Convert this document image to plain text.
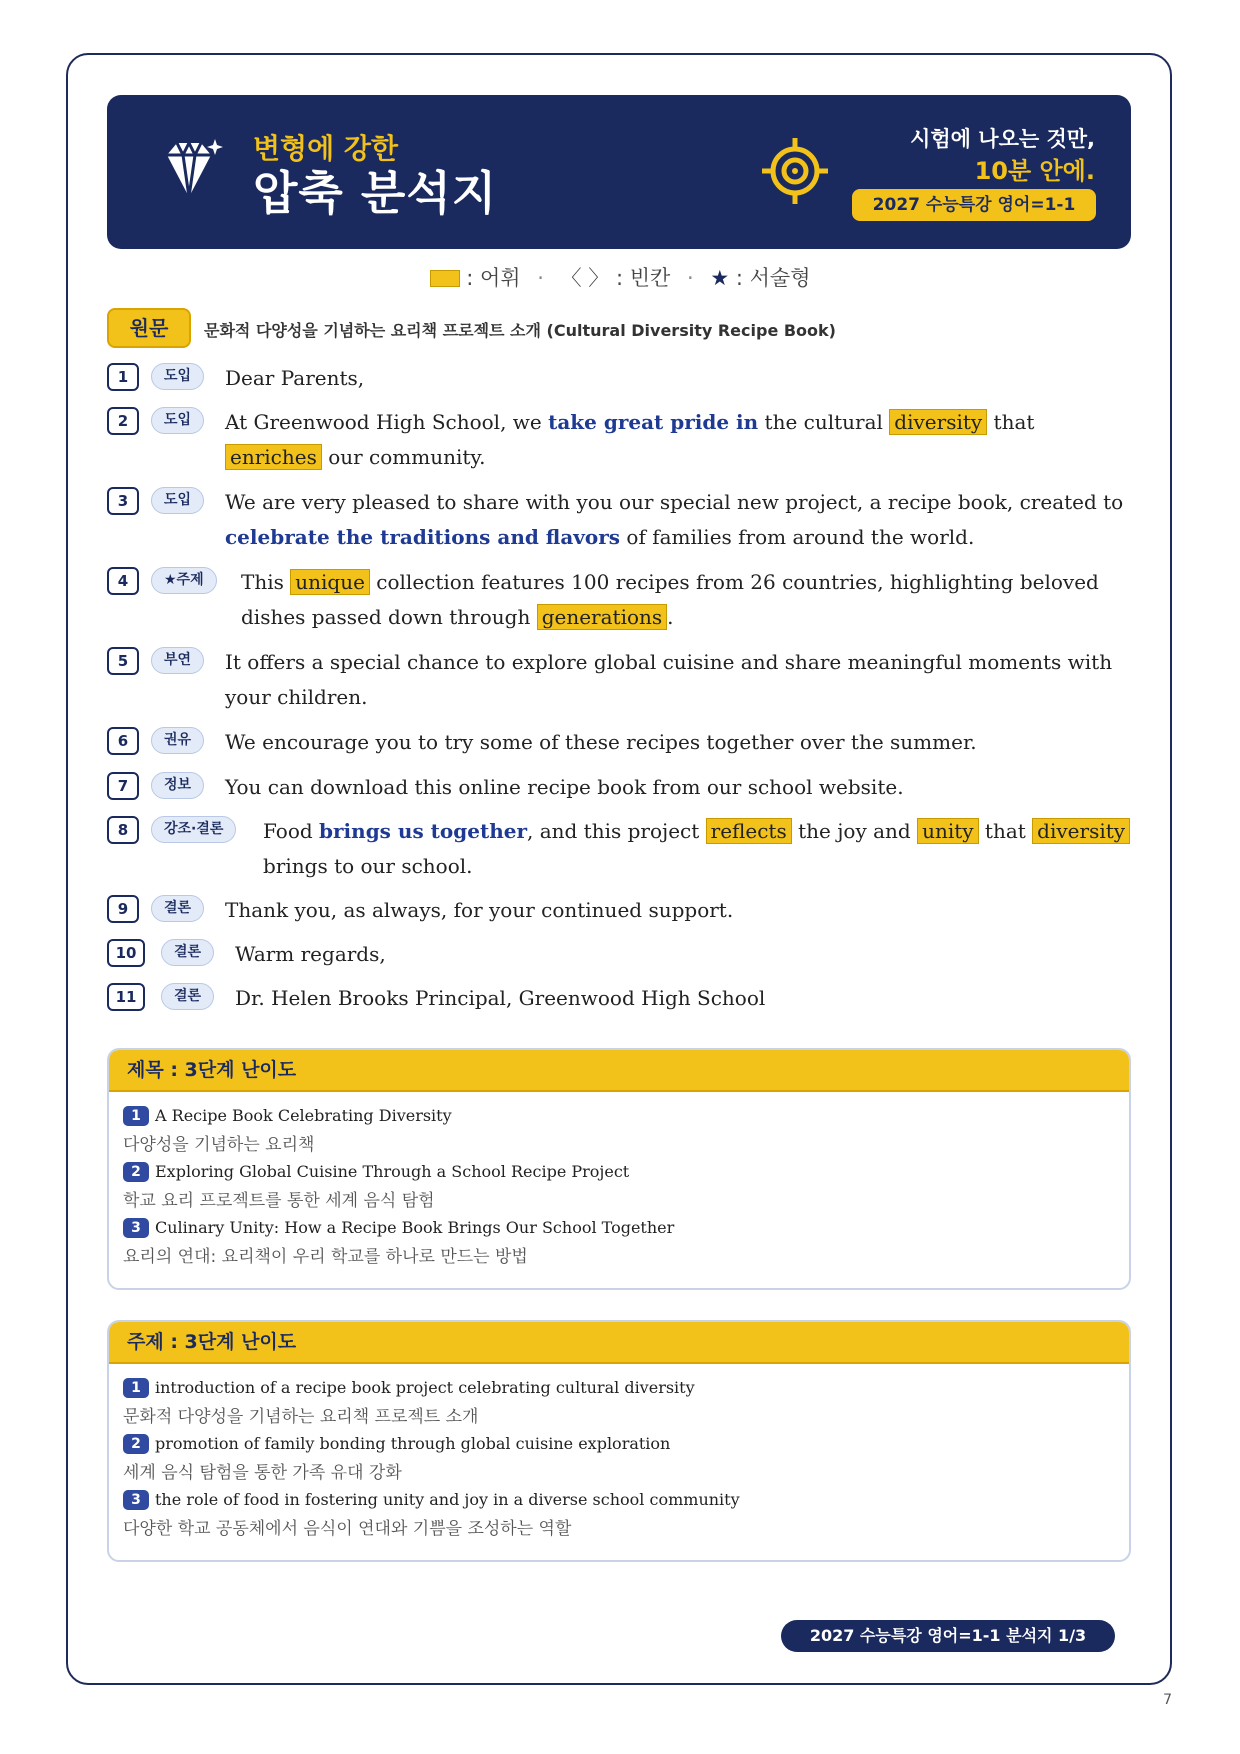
변형에 강한
압축 분석지
시험에 나오는 것만,
10분 안에.
2027 수능특강 영어=1-1
: 어휘 · 〈 〉 : 빈칸 · ★ : 서술형
원문	문화적 다양성을 기념하는 요리책 프로젝트 소개 (Cultural Diversity Recipe Book)
1	도입	Dear Parents,
2	도입	At Greenwood High School, we take great pride in the cultural diversity that enriches our community.
3	도입	We are very pleased to share with you our special new project, a recipe book, created to celebrate the traditions and flavors of families from around the world.
4	★주제	This unique collection features 100 recipes from 26 countries, highlighting beloved dishes passed down through generations .
5	부연	It offers a special chance to explore global cuisine and share meaningful moments with your children.
6	권유	We encourage you to try some of these recipes together over the summer.
7	정보	You can download this online recipe book from our school website.
8	강조·결론	Food brings us together, and this project reflects the joy and unity that diversity brings to our school.
9	결론	Thank you, as always, for your continued support.
10	결론	Warm regards,
11	결론	Dr. Helen Brooks Principal, Greenwood High School
제목 : 3단계 난이도
1 A Recipe Book Celebrating Diversity
다양성을 기념하는 요리책
2 Exploring Global Cuisine Through a School Recipe Project
학교 요리 프로젝트를 통한 세계 음식 탐험
3 Culinary Unity: How a Recipe Book Brings Our School Together
요리의 연대: 요리책이 우리 학교를 하나로 만드는 방법
주제 : 3단계 난이도
1 introduction of a recipe book project celebrating cultural diversity
문화적 다양성을 기념하는 요리책 프로젝트 소개
2 promotion of family bonding through global cuisine exploration
세계 음식 탐험을 통한 가족 유대 강화
3 the role of food in fostering unity and joy in a diverse school community
다양한 학교 공동체에서 음식이 연대와 기쁨을 조성하는 역할
2027 수능특강 영어=1-1 분석지 1/3
7
